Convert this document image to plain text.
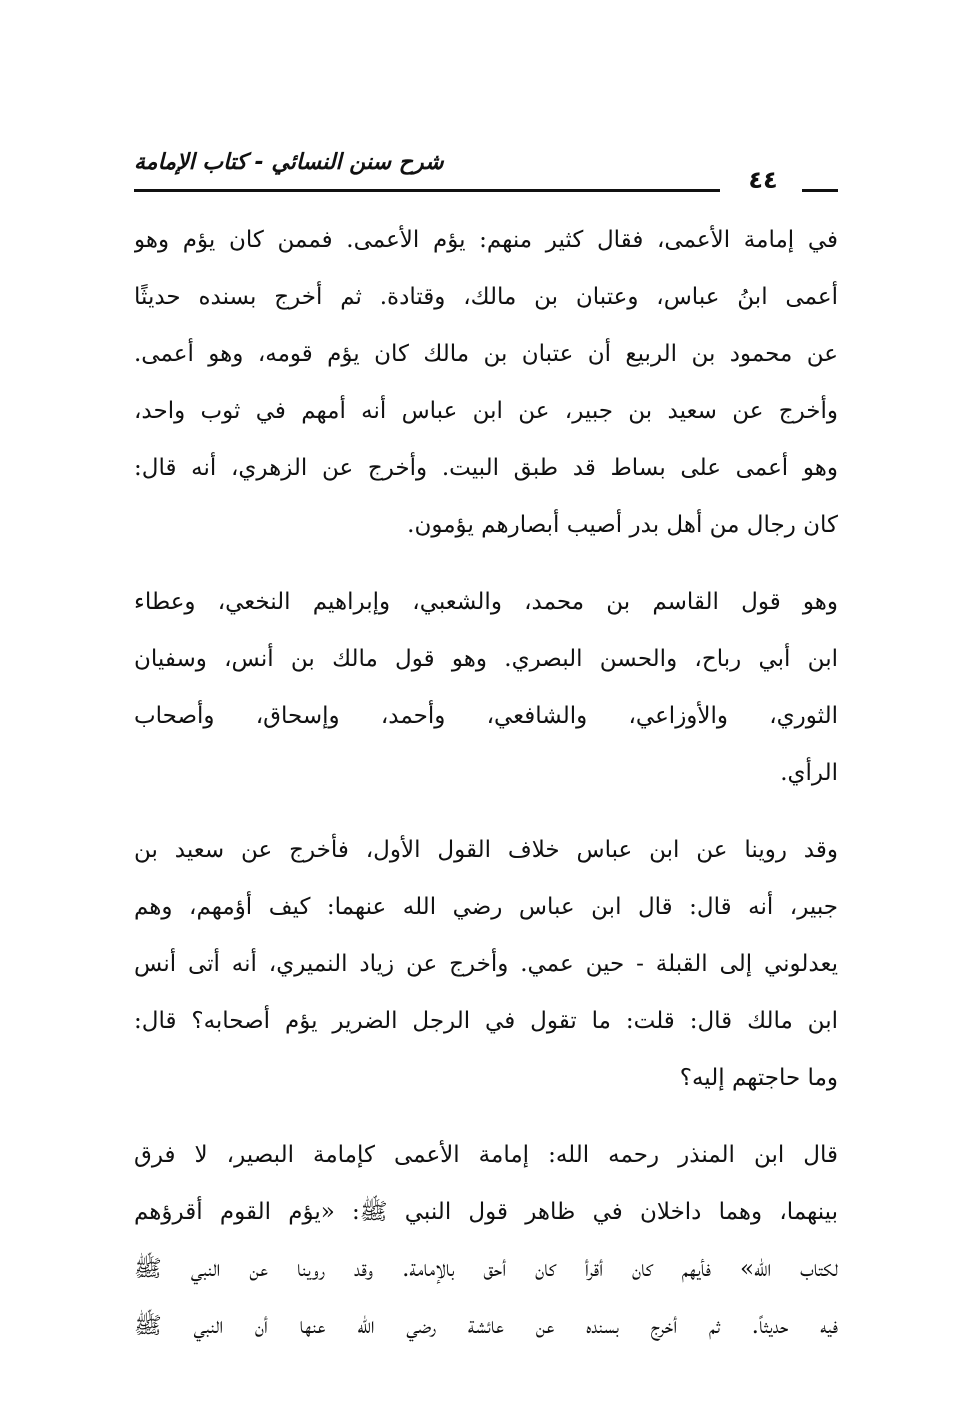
شرح سنن النسائي - كتاب الإمامة
٤٤
في إمامة الأعمى، فقال كثير منهم: يؤم الأعمى. فممن كان يؤم وهو
أعمى ابنُ عباس، وعتبان بن مالك، وقتادة. ثم أخرج بسنده حديثًا
عن محمود بن الربيع أن عتبان بن مالك كان يؤم قومه، وهو أعمى.
وأخرج عن سعيد بن جبير، عن ابن عباس أنه أمهم في ثوب واحد،
وهو أعمى على بساط قد طبق البيت. وأخرج عن الزهري، أنه قال:
كان رجال من أهل بدر أصيب أبصارهم يؤمون.
وهو قول القاسم بن محمد، والشعبي، وإبراهيم النخعي، وعطاء
ابن أبي رباح، والحسن البصري. وهو قول مالك بن أنس، وسفيان
الثوري، والأوزاعي، والشافعي، وأحمد، وإسحاق، وأصحاب
الرأي.
وقد روينا عن ابن عباس خلاف القول الأول، فأخرج عن سعيد بن
جبير، أنه قال: قال ابن عباس رضي الله عنهما: كيف أؤمهم، وهم
يعدلوني إلى القبلة - حين عمي. وأخرج عن زياد النميري، أنه أتى أنس
ابن مالك قال: قلت: ما تقول في الرجل الضرير يؤم أصحابه؟ قال:
وما حاجتهم إليه؟
قال ابن المنذر رحمه الله: إمامة الأعمى كإمامة البصير، لا فرق
بينهما، وهما داخلان في ظاهر قول النبي ﷺ: «يؤم القوم أقرؤهم
لكتاب الله» فأيهم كان أقرأ كان أحق بالإمامة. وقد روينا عن النبي ﷺ
فيه حديثاً. ثم أخرج بسنده عن عائشة رضي الله عنها أن النبي ﷺ
